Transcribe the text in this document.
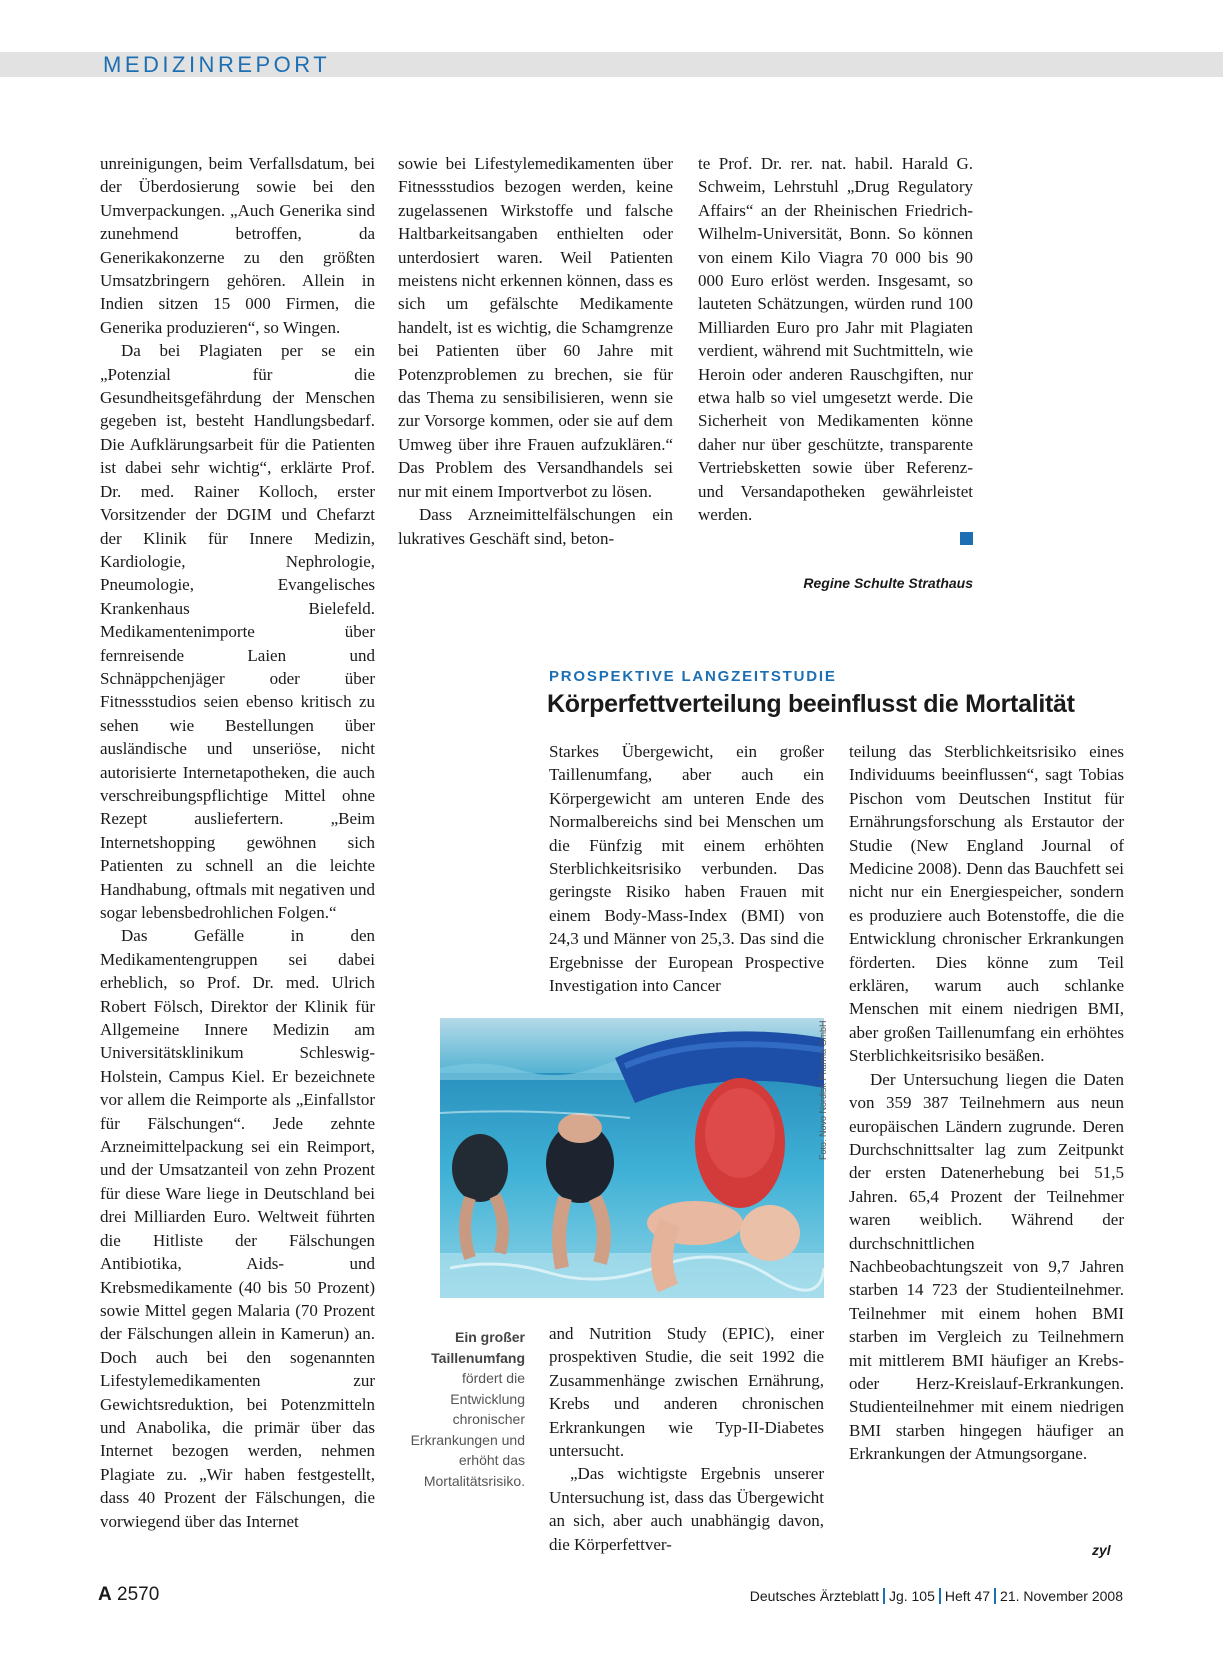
MEDIZINREPORT

unreinigungen, beim Verfallsdatum, bei der Überdosierung sowie bei den Umverpackungen. „Auch Generika sind zunehmend betroffen, da Generikakonzerne zu den größten Umsatzbringern gehören. Allein in Indien sitzen 15 000 Firmen, die Generika produzieren“, so Wingen.

Da bei Plagiaten per se ein „Potenzial für die Gesundheitsgefährdung der Menschen gegeben ist, besteht Handlungsbedarf. Die Aufklärungsarbeit für die Patienten ist dabei sehr wichtig“, erklärte Prof. Dr. med. Rainer Kolloch, erster Vorsitzender der DGIM und Chefarzt der Klinik für Innere Medizin, Kardiologie, Nephrologie, Pneumologie, Evangelisches Krankenhaus Bielefeld. Medikamentenimporte über fernreisende Laien und Schnäppchenjäger oder über Fitnessstudios seien ebenso kritisch zu sehen wie Bestellungen über ausländische und unseriöse, nicht autorisierte Internetapotheken, die auch verschreibungspflichtige Mittel ohne Rezept ausliefertern. „Beim Internetshopping gewöhnen sich Patienten zu schnell an die leichte Handhabung, oftmals mit negativen und sogar lebensbedrohlichen Folgen.“

Das Gefälle in den Medikamentengruppen sei dabei erheblich, so Prof. Dr. med. Ulrich Robert Fölsch, Direktor der Klinik für Allgemeine Innere Medizin am Universitätsklinikum Schleswig-Holstein, Campus Kiel. Er bezeichnete vor allem die Reimporte als „Einfallstor für Fälschungen“. Jede zehnte Arzneimittelpackung sei ein Reimport, und der Umsatzanteil von zehn Prozent für diese Ware liege in Deutschland bei drei Milliarden Euro. Weltweit führten die Hitliste der Fälschungen Antibiotika, Aids- und Krebsmedikamente (40 bis 50 Prozent) sowie Mittel gegen Malaria (70 Prozent der Fälschungen allein in Kamerun) an. Doch auch bei den sogenannten Lifestylemedikamenten zur Gewichtsreduktion, bei Potenzmitteln und Anabolika, die primär über das Internet bezogen werden, nehmen Plagiate zu. „Wir haben festgestellt, dass 40 Prozent der Fälschungen, die vorwiegend über das Internet

sowie bei Lifestylemedikamenten über Fitnessstudios bezogen werden, keine zugelassenen Wirkstoffe und falsche Haltbarkeitsangaben enthielten oder unterdosiert waren. Weil Patienten meistens nicht erkennen können, dass es sich um gefälschte Medikamente handelt, ist es wichtig, die Schamgrenze bei Patienten über 60 Jahre mit Potenzproblemen zu brechen, sie für das Thema zu sensibilisieren, wenn sie zur Vorsorge kommen, oder sie auf dem Umweg über ihre Frauen aufzuklären.“ Das Problem des Versandhandels sei nur mit einem Importverbot zu lösen.

Dass Arzneimittelfälschungen ein lukratives Geschäft sind, beton-

te Prof. Dr. rer. nat. habil. Harald G. Schweim, Lehrstuhl „Drug Regulatory Affairs“ an der Rheinischen Friedrich-Wilhelm-Universität, Bonn. So können von einem Kilo Viagra 70 000 bis 90 000 Euro erlöst werden. Insgesamt, so lauteten Schätzungen, würden rund 100 Milliarden Euro pro Jahr mit Plagiaten verdient, während mit Suchtmitteln, wie Heroin oder anderen Rauschgiften, nur etwa halb so viel umgesetzt werde. Die Sicherheit von Medikamenten könne daher nur über geschützte, transparente Vertriebsketten sowie über Referenz- und Versandapotheken gewährleistet werden.

Regine Schulte Strathaus
PROSPEKTIVE LANGZEITSTUDIE
Körperfettverteilung beeinflusst die Mortalität

Starkes Übergewicht, ein großer Taillenumfang, aber auch ein Körpergewicht am unteren Ende des Normalbereichs sind bei Menschen um die Fünfzig mit einem erhöhten Sterblichkeitsrisiko verbunden. Das geringste Risiko haben Frauen mit einem Body-Mass-Index (BMI) von 24,3 und Männer von 25,3. Das sind die Ergebnisse der European Prospective Investigation into Cancer

Foto: Novo Nordisk Pharma GmbH
Ein großer Taillenumfang
fördert die Entwicklung chronischer Erkrankungen und erhöht das Mortalitätsrisiko.

and Nutrition Study (EPIC), einer prospektiven Studie, die seit 1992 die Zusammenhänge zwischen Ernährung, Krebs und anderen chronischen Erkrankungen wie Typ-II-Diabetes untersucht.

„Das wichtigste Ergebnis unserer Untersuchung ist, dass das Übergewicht an sich, aber auch unabhängig davon, die Körperfettver-

teilung das Sterblichkeitsrisiko eines Individuums beeinflussen“, sagt Tobias Pischon vom Deutschen Institut für Ernährungsforschung als Erstautor der Studie (New England Journal of Medicine 2008). Denn das Bauchfett sei nicht nur ein Energiespeicher, sondern es produziere auch Botenstoffe, die die Entwicklung chronischer Erkrankungen förderten. Dies könne zum Teil erklären, warum auch schlanke Menschen mit einem niedrigen BMI, aber großen Taillenumfang ein erhöhtes Sterblichkeitsrisiko besäßen.

Der Untersuchung liegen die Daten von 359 387 Teilnehmern aus neun europäischen Ländern zugrunde. Deren Durchschnittsalter lag zum Zeitpunkt der ersten Datenerhebung bei 51,5 Jahren. 65,4 Prozent der Teilnehmer waren weiblich. Während der durchschnittlichen Nachbeobachtungszeit von 9,7 Jahren starben 14 723 der Studienteilnehmer. Teilnehmer mit einem hohen BMI starben im Vergleich zu Teilnehmern mit mittlerem BMI häufiger an Krebs- oder Herz-Kreislauf-Erkrankungen. Studienteilnehmer mit einem niedrigen BMI starben hingegen häufiger an Erkrankungen der Atmungsorgane.

zyl
A 2570	Deutsches Ärzteblatt Jg. 105 Heft 47 21. November 2008
